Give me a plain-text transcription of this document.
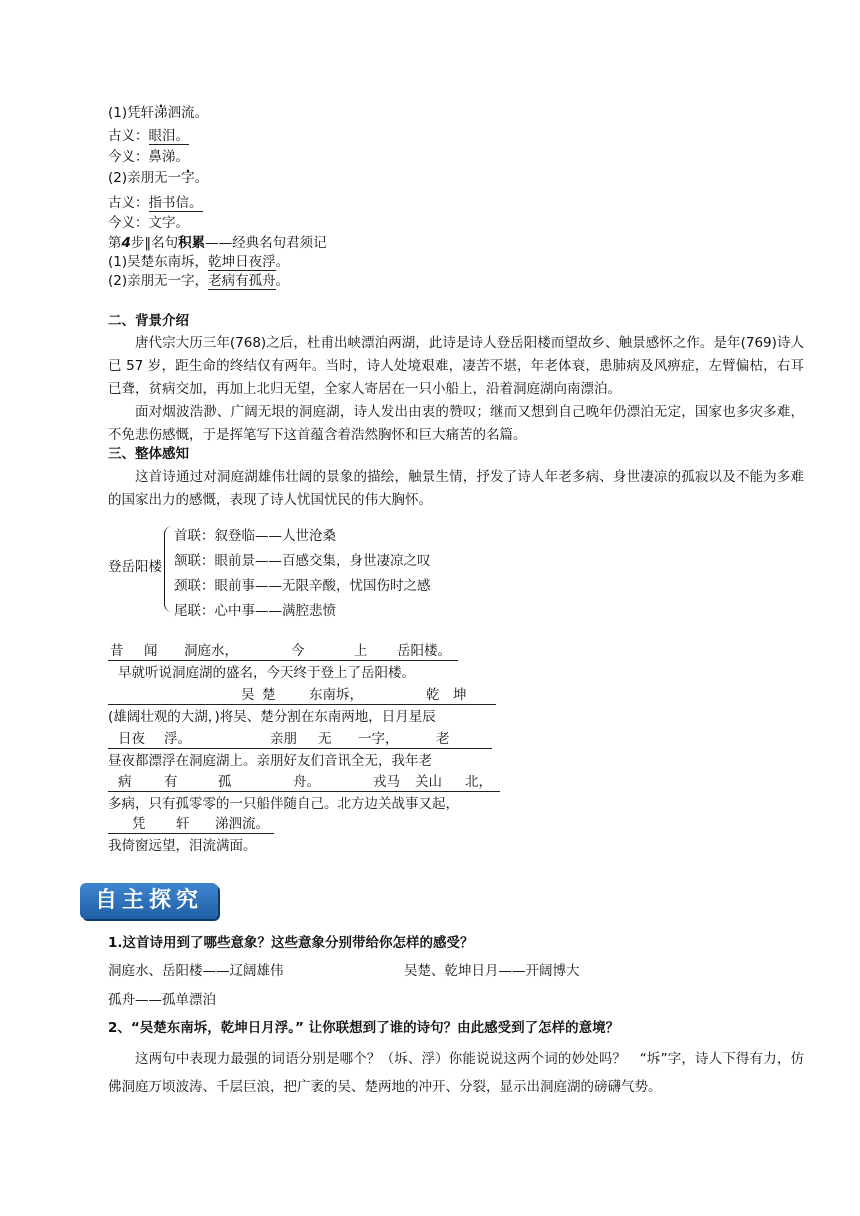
(1)凭轩涕泗流。
古义：眼泪。
今义：鼻涕。
(2)亲朋无一字。
古义：指书信。
今义：文字。
第4步‖名句积累——经典名句君须记
(1)吴楚东南坼，乾坤日夜浮。
(2)亲朋无一字，老病有孤舟。
二、背景介绍
唐代宗大历三年(768)之后，杜甫出峡漂泊两湖，此诗是诗人登岳阳楼而望故乡、触景感怀之作。是年(769)诗人已 57 岁，距生命的终结仅有两年。当时，诗人处境艰难，凄苦不堪，年老体衰，患肺病及风痹症，左臂偏枯，右耳已聋，贫病交加，再加上北归无望，全家人寄居在一只小船上，沿着洞庭湖向南漂泊。
面对烟波浩渺、广阔无垠的洞庭湖，诗人发出由衷的赞叹；继而又想到自己晚年仍漂泊无定，国家也多灾多难，不免悲伤感慨，于是挥笔写下这首蕴含着浩然胸怀和巨大痛苦的名篇。
三、整体感知
这首诗通过对洞庭湖雄伟壮阔的景象的描绘，触景生情，抒发了诗人年老多病、身世凄凉的孤寂以及不能为多难的国家出力的感慨，表现了诗人忧国忧民的伟大胸怀。
登岳阳楼
首联：叙登临——人世沧桑
颔联：眼前景——百感交集，身世凄凉之叹
颈联：眼前事——无限辛酸，忧国伤时之感
尾联：心中事——满腔悲愤
昔 闻 洞庭水，	今	上 岳阳楼。
早就听说洞庭湖的盛名，今天终于登上了岳阳楼。
吴 楚 东南坼，	乾 坤
(雄阔壮观的大湖，)将吴、楚分割在东南两地，日月星辰
日夜 浮。	亲朋 无 一字，	老
昼夜都漂浮在洞庭湖上。亲朋好友们音讯全无，我年老
病 有	孤	舟。	戎马 关山 北，
多病，只有孤零零的一只船伴随自己。北方边关战事又起，
凭 轩 涕泗流。
我倚窗远望，泪流满面。
自主探究
1.这首诗用到了哪些意象？这些意象分别带给你怎样的感受？
洞庭水、岳阳楼——辽阔雄伟	吴楚、乾坤日月——开阔博大
孤舟——孤单漂泊
2、“吴楚东南坼，乾坤日月浮。” 让你联想到了谁的诗句？由此感受到了怎样的意境？
这两句中表现力最强的词语分别是哪个？（坼、浮）你能说说这两个词的妙处吗？　“坼”字，诗人下得有力，仿佛洞庭万顷波涛、千层巨浪，把广袤的吴、楚两地的冲开、分裂，显示出洞庭湖的磅礴气势。
